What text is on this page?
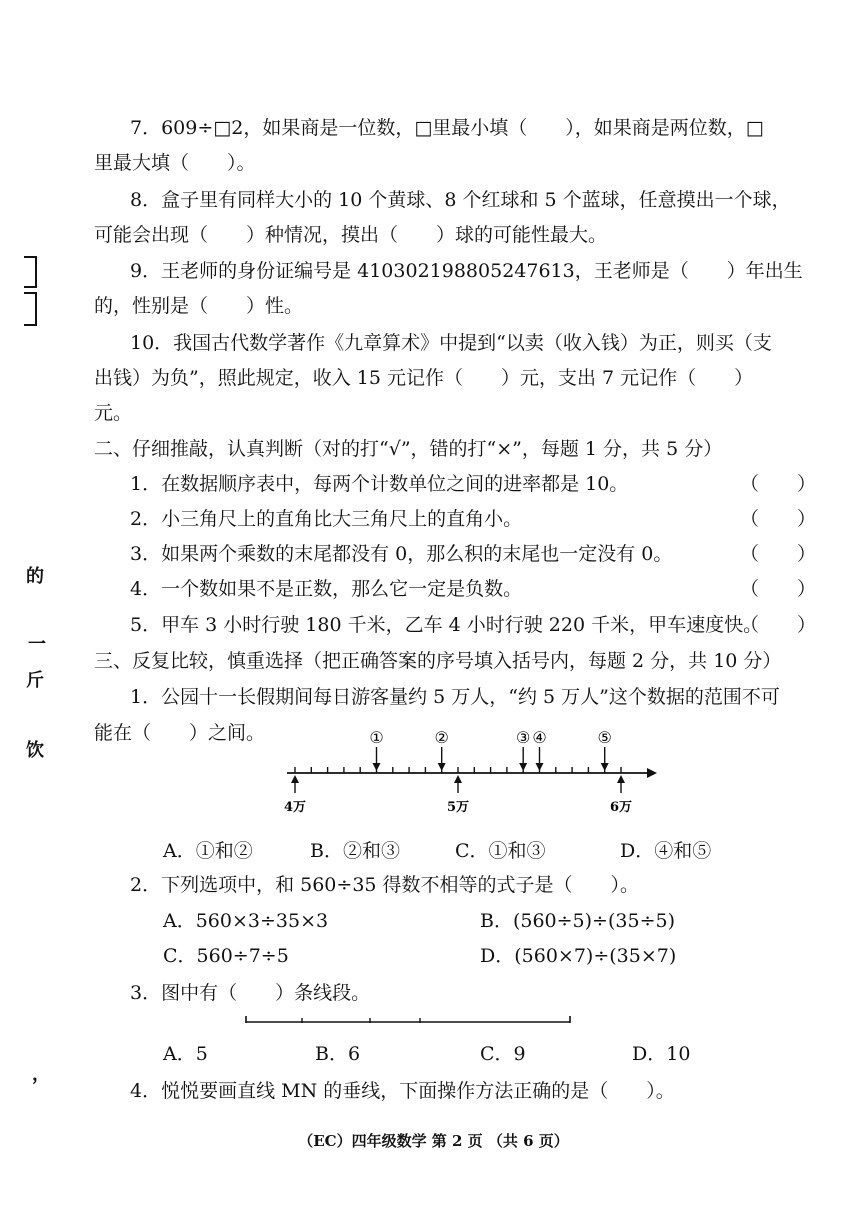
的
一
斤
饮
，
7．609÷□2，如果商是一位数，□里最小填（　　），如果商是两位数，□
里最大填（　　）。
8．盒子里有同样大小的 10 个黄球、8 个红球和 5 个蓝球，任意摸出一个球，
可能会出现（　　）种情况，摸出（　　）球的可能性最大。
9．王老师的身份证编号是 410302198805247613，王老师是（　　）年出生
的，性别是（　　）性。
10．我国古代数学著作《九章算术》中提到“以卖（收入钱）为正，则买（支
出钱）为负”，照此规定，收入 15 元记作（　　）元，支出 7 元记作（　　）
元。
二、仔细推敲，认真判断（对的打“√”，错的打“×”，每题 1 分，共 5 分）
1．在数据顺序表中，每两个计数单位之间的进率都是 10。	（　　）
2．小三角尺上的直角比大三角尺上的直角小。	（　　）
3．如果两个乘数的末尾都没有 0，那么积的末尾也一定没有 0。	（　　）
4．一个数如果不是正数，那么它一定是负数。	（　　）
5．甲车 3 小时行驶 180 千米，乙车 4 小时行驶 220 千米，甲车速度快。
（　　）
三、反复比较，慎重选择（把正确答案的序号填入括号内，每题 2 分，共 10 分）
1．公园十一长假期间每日游客量约 5 万人，“约 5 万人”这个数据的范围不可
能在（　　）之间。
4万	5万	6万
①	②	③ ④	⑤
A．①和②	B．②和③	C．①和③	D．④和⑤
2．下列选项中，和 560÷35 得数不相等的式子是（　　）。
A．560×3÷35×3	B．(560÷5)÷(35÷5)
C．560÷7÷5	D．(560×7)÷(35×7)
3．图中有（　　）条线段。
A．5	B．6	C．9	D．10
4．悦悦要画直线 MN 的垂线，下面操作方法正确的是（　　）。
（EC）四年级数学 第 2 页 （共 6 页）
